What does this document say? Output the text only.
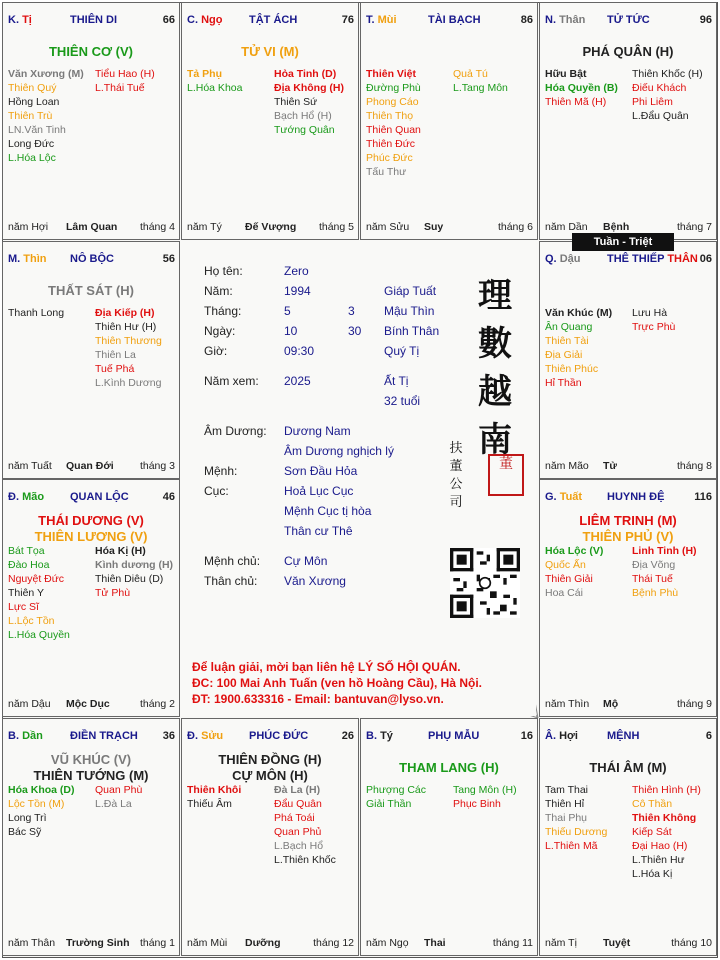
K. Tị	THIÊN DI	66
THIÊN CƠ (V)
Văn Xương (M)
Thiên Quý
Hồng Loan
Thiên Trù
LN.Văn Tinh
Long Đức
L.Hóa Lộc
Tiểu Hao (H)
L.Thái Tuế
năm Hợi Lâm Quan tháng 4
C. Ngọ TẬT ÁCH	76
TỬ VI (M)
Tả Phụ
L.Hóa Khoa
Hỏa Tinh (D)
Địa Không (H)
Thiên Sứ
Bạch Hổ (H)
Tướng Quân
năm Tý Đế Vượng tháng 5
T. Mùi	TÀI BẠCH	86
Thiên Việt
Đường Phù
Phong Cáo
Thiên Thọ
Thiên Quan
Thiên Đức
Phúc Đức
Tấu Thư
Quả Tú
L.Tang Môn
năm Sửu Suy	tháng 6
N. Thân TỬ TỨC	96
PHÁ QUÂN (H)
Hữu Bật
Hóa Quyền (B)
Thiên Mã (H)
Thiên Khốc (H)
Điếu Khách
Phi Liêm
L.Đẩu Quân
năm Dần Bệnh	tháng 7
M. Thìn NÔ BỘC	56
THẤT SÁT (H)
Thanh Long	Địa Kiếp (H)
Thiên Hư (H)
Thiên Thương
Thiên La
Tuế Phá
L.Kình Dương
năm Tuất Quan Đới tháng 3
Q. Dậu THÊ THIẾP THÂN 06
Văn Khúc (M)
Ân Quang
Thiên Tài
Địa Giải
Thiên Phúc
Hỉ Thần
Lưu Hà
Trực Phù
năm Mão Tử	tháng 8
Đ. Mão QUAN LỘC	46
THÁI DƯƠNG (V)
THIÊN LƯƠNG (V)
Bát Tọa
Đào Hoa
Nguyệt Đức
Thiên Y
Lực Sĩ
L.Lộc Tồn
L.Hóa Quyền
Hóa Kị (H)
Kình dương (H)
Thiên Diêu (D)
Tử Phù
năm Dậu Mộc Dục	tháng 2
G. Tuất HUYNH ĐỆ	116
LIÊM TRINH (M)
THIÊN PHỦ (V)
Hóa Lộc (V)
Quốc Ấn
Thiên Giải
Hoa Cái
Linh Tinh (H)
Địa Võng
Thái Tuế
Bệnh Phù
năm Thìn Mộ	tháng 9
B. Dần ĐIỀN TRẠCH 36
VŨ KHÚC (V)
THIÊN TƯỚNG (M)
Hóa Khoa (D)
Lộc Tồn (M)
Long Trì
Bác Sỹ
Quan Phù
L.Đà La
năm Thân Trường Sinh tháng 1
Đ. Sửu PHÚC ĐỨC	26
THIÊN ĐỒNG (H)
CỰ MÔN (H)
Thiên Khôi
Thiếu Âm
Đà La (H)
Đẩu Quân
Phá Toái
Quan Phủ
L.Bạch Hổ
L.Thiên Khốc
năm Mùi Dưỡng	tháng 12
B. Tý	PHỤ MẪU	16
THAM LANG (H)
Phượng Các
Giải Thần
Tang Môn (H)
Phục Binh
năm Ngọ Thai	tháng 11
Â. Hợi	MỆNH	6
THÁI ÂM (M)
Tam Thai
Thiên Hỉ
Thai Phụ
Thiếu Dương
L.Thiên Mã
Thiên Hình (H)
Cô Thần
Thiên Không
Kiếp Sát
Đại Hao (H)
L.Thiên Hư
L.Hóa Kị
năm Tị Tuyệt	tháng 10
Tuần - Triệt
Họ tên:	Zero
Năm:	1994	Giáp Tuất
Tháng:	5	3 Mậu Thìn
Ngày:	10	30 Bính Thân
Giờ:	09:30	Quý Tị
Năm xem: 2025	Ất Tị
32 tuổi
Âm Dương: Dương Nam
Âm Dương nghịch lý
Mệnh:	Sơn Đầu Hỏa
Cục:	Hoả Lục Cục
Mệnh Cục tị hòa
Thân cư Thê
Mệnh chủ: Cự Môn
Thân chủ: Văn Xương
理數越南
扶董公司
董
Để luận giải, mời bạn liên hệ LÝ SỐ HỘI QUÁN.
ĐC: 100 Mai Anh Tuấn (ven hồ Hoàng Cầu), Hà Nội.
ĐT: 1900.633316 - Email: bantuvan@lyso.vn.
